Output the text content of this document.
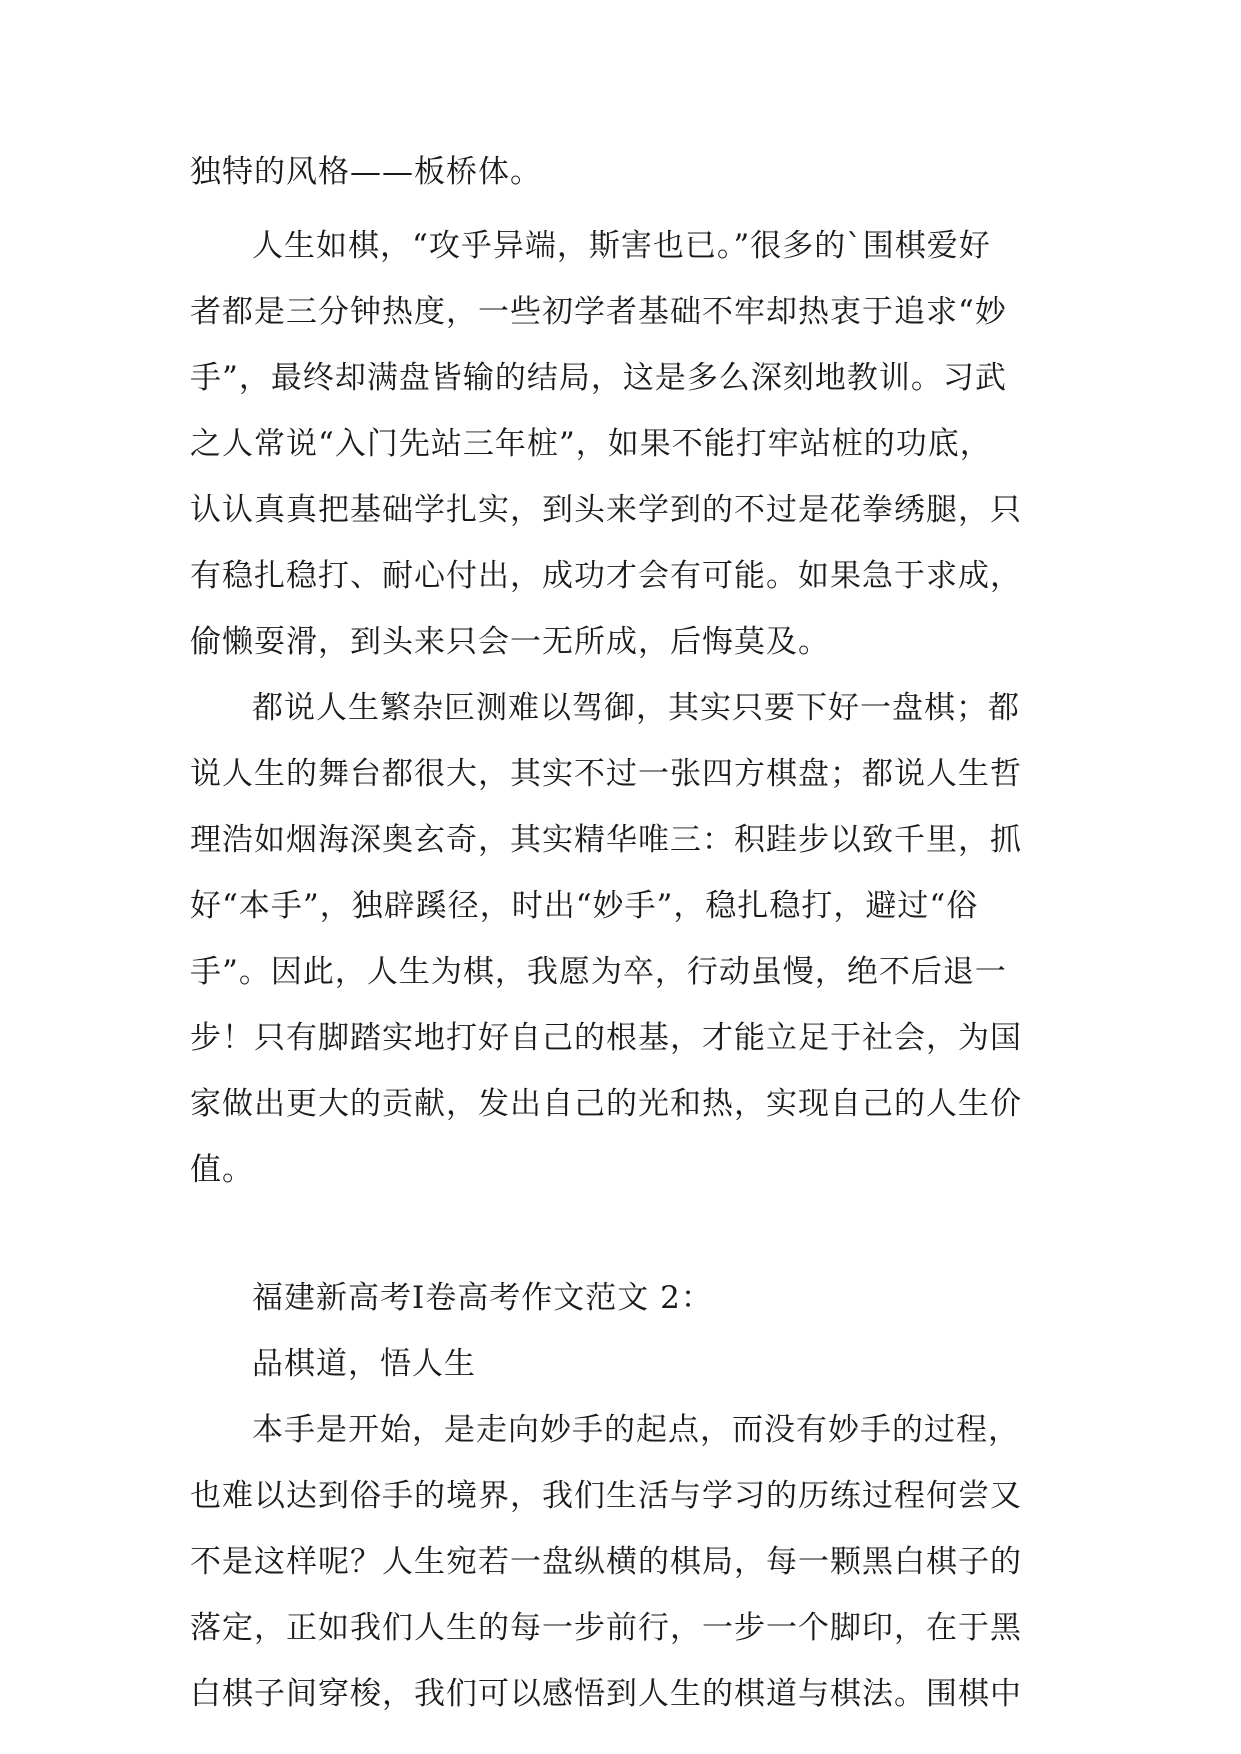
独特的风格——板桥体。
人生如棋，“攻乎异端，斯害也已。”很多的`围棋爱好
者都是三分钟热度，一些初学者基础不牢却热衷于追求“妙
手”，最终却满盘皆输的结局，这是多么深刻地教训。习武
之人常说“入门先站三年桩”，如果不能打牢站桩的功底，
认认真真把基础学扎实，到头来学到的不过是花拳绣腿，只
有稳扎稳打、耐心付出，成功才会有可能。如果急于求成，
偷懒耍滑，到头来只会一无所成，后悔莫及。
都说人生繁杂叵测难以驾御，其实只要下好一盘棋；都
说人生的舞台都很大，其实不过一张四方棋盘；都说人生哲
理浩如烟海深奥玄奇，其实精华唯三：积跬步以致千里，抓
好“本手”，独辟蹊径，时出“妙手”，稳扎稳打，避过“俗
手”。因此，人生为棋，我愿为卒，行动虽慢，绝不后退一
步！只有脚踏实地打好自己的根基，才能立足于社会，为国
家做出更大的贡献，发出自己的光和热，实现自己的人生价
值。
福建新高考Ⅰ卷高考作文范文 2：
品棋道，悟人生
本手是开始，是走向妙手的起点，而没有妙手的过程，
也难以达到俗手的境界，我们生活与学习的历练过程何尝又
不是这样呢？人生宛若一盘纵横的棋局，每一颗黑白棋子的
落定，正如我们人生的每一步前行，一步一个脚印，在于黑
白棋子间穿梭，我们可以感悟到人生的棋道与棋法。围棋中
